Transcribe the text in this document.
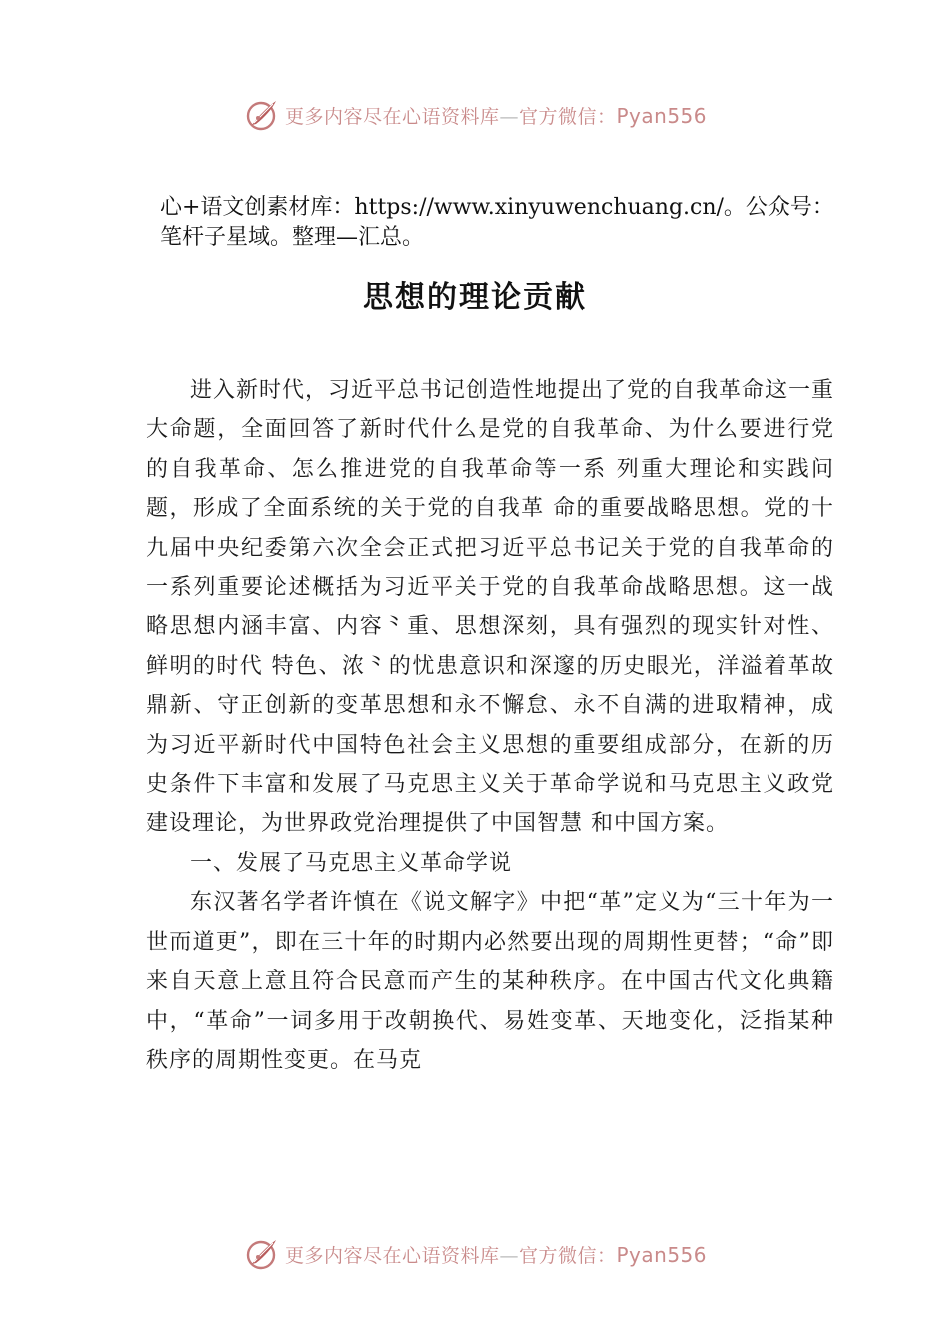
更多内容尽在心语资料库—官方微信：Pyan556
心+语文创素材库：https://www.xinyuwenchuang.cn/。公众号：笔杆子星域。整理—汇总。
思想的理论贡献

进入新时代，习近平总书记创造性地提出了党的自我革命这一重大命题，全面回答了新时代什么是党的自我革命、为什么要进行党的自我革命、怎么推进党的自我革命等一系 列重大理论和实践问题，形成了全面系统的关于党的自我革 命的重要战略思想。党的十九届中央纪委第六次全会正式把习近平总书记关于党的自我革命的一系列重要论述概括为习近平关于党的自我革命战略思想。这一战略思想内涵丰富、内容⺀重、思想深刻，具有强烈的现实针对性、鲜明的时代 特色、浓⺀的忧患意识和深邃的历史眼光，洋溢着革故鼎新、守正创新的变革思想和永不懈怠、永不自满的进取精神，成 为习近平新时代中国特色社会主义思想的重要组成部分，在新的历史条件下丰富和发展了马克思主义关于革命学说和马克思主义政党建设理论，为世界政党治理提供了中国智慧 和中国方案。

一、发展了马克思主义革命学说

东汉著名学者许慎在《说文解字》中把“革”定义为“三十年为一世而道更”，即在三十年的时期内必然要出现的周期性更替；“命”即来自天意上意且符合民意而产生的某种秩序。在中国古代文化典籍中，“革命”一词多用于改朝换代、易姓变革、天地变化，泛指某种秩序的周期性变更。在马克

更多内容尽在心语资料库—官方微信：Pyan556
